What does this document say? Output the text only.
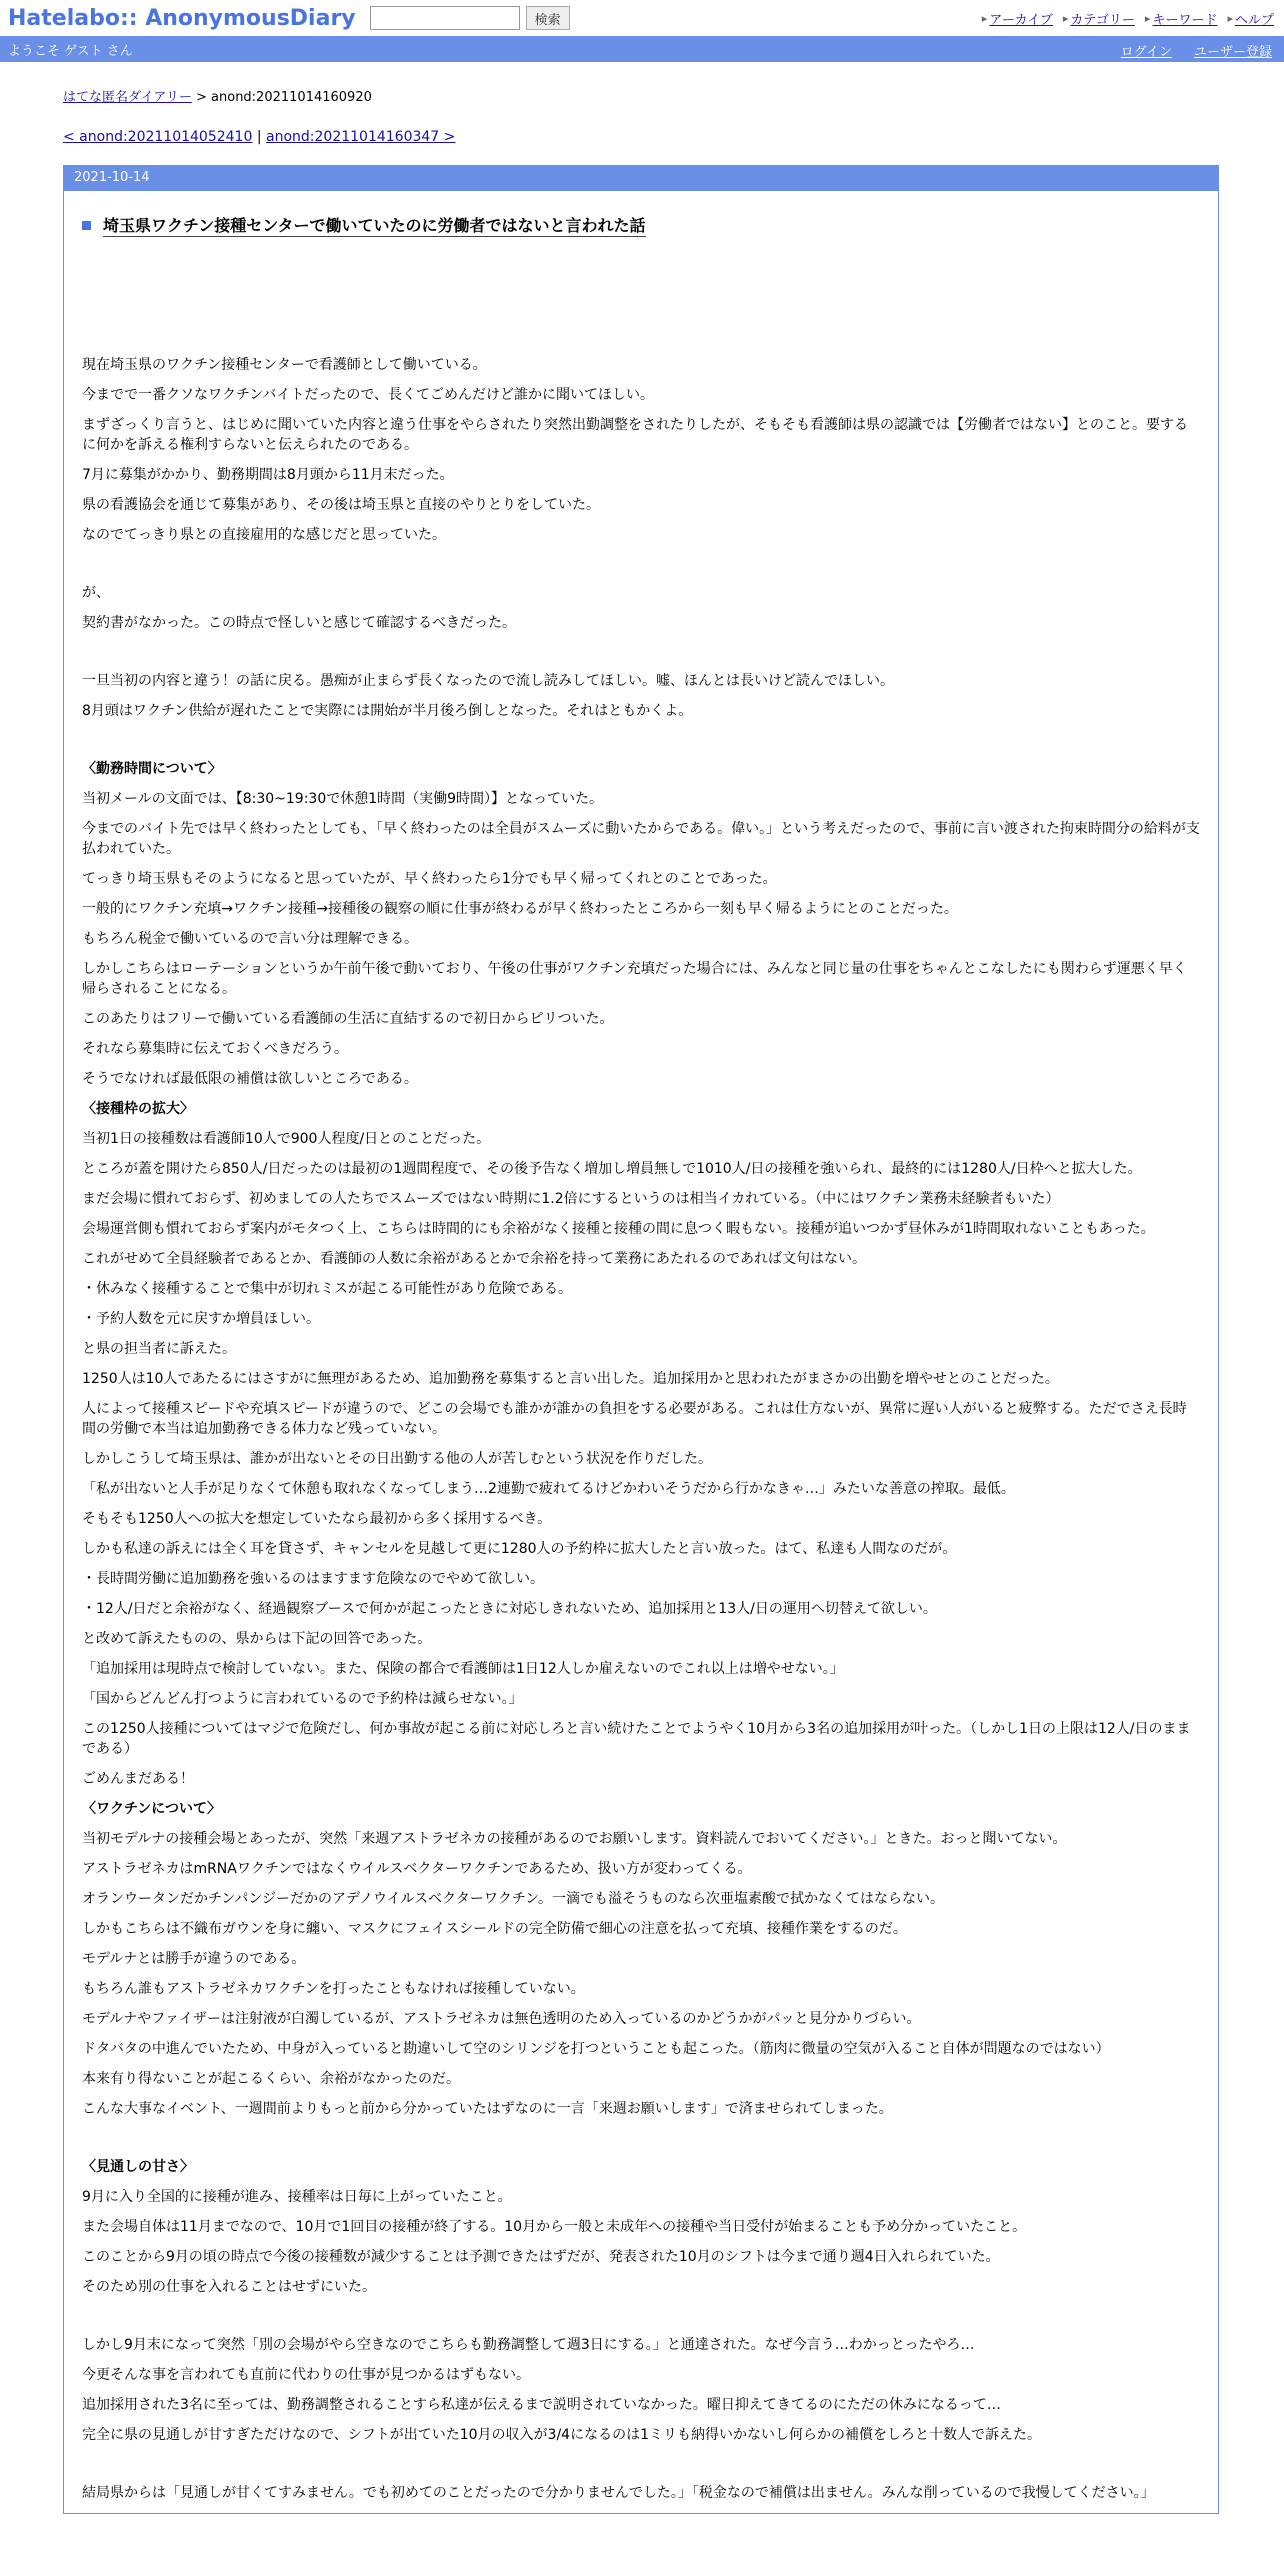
Hatelabo:: AnonymousDiary	検索	▸ アーカイブ ▸ カテゴリー ▸ キーワード ▸ ヘルプ
ようこそ ゲスト さん	ログイン ユーザー登録
はてな匿名ダイアリー > anond:20211014160920
< anond:20211014052410 | anond:20211014160347 >
2021-10-14
埼玉県ワクチン接種センターで働いていたのに労働者ではないと言われた話

現在埼玉県のワクチン接種センターで看護師として働いている。

今までで一番クソなワクチンバイトだったので、長くてごめんだけど誰かに聞いてほしい。

まずざっくり言うと、はじめに聞いていた内容と違う仕事をやらされたり突然出勤調整をされたりしたが、そもそも看護師は県の認識では【労働者ではない】とのこと。要するに何かを訴える権利すらないと伝えられたのである。

7月に募集がかかり、勤務期間は8月頭から11月末だった。

県の看護協会を通じて募集があり、その後は埼玉県と直接のやりとりをしていた。

なのでてっきり県との直接雇用的な感じだと思っていた。

が、

契約書がなかった。この時点で怪しいと感じて確認するべきだった。

一旦当初の内容と違う！の話に戻る。愚痴が止まらず長くなったので流し読みしてほしい。嘘、ほんとは長いけど読んでほしい。

8月頭はワクチン供給が遅れたことで実際には開始が半月後ろ倒しとなった。それはともかくよ。

〈勤務時間について〉

当初メールの文面では、【8:30~19:30で休憩1時間（実働9時間）】となっていた。

今までのバイト先では早く終わったとしても、「早く終わったのは全員がスムーズに動いたからである。偉い。」という考えだったので、事前に言い渡された拘束時間分の給料が支払われていた。

てっきり埼玉県もそのようになると思っていたが、早く終わったら1分でも早く帰ってくれとのことであった。

一般的にワクチン充填→ワクチン接種→接種後の観察の順に仕事が終わるが早く終わったところから一刻も早く帰るようにとのことだった。

もちろん税金で働いているので言い分は理解できる。

しかしこちらはローテーションというか午前午後で動いており、午後の仕事がワクチン充填だった場合には、みんなと同じ量の仕事をちゃんとこなしたにも関わらず運悪く早く帰らされることになる。

このあたりはフリーで働いている看護師の生活に直結するので初日からピリついた。

それなら募集時に伝えておくべきだろう。

そうでなければ最低限の補償は欲しいところである。

〈接種枠の拡大〉

当初1日の接種数は看護師10人で900人程度/日とのことだった。

ところが蓋を開けたら850人/日だったのは最初の1週間程度で、その後予告なく増加し増員無しで1010人/日の接種を強いられ、最終的には1280人/日枠へと拡大した。

まだ会場に慣れておらず、初めましての人たちでスムーズではない時期に1.2倍にするというのは相当イカれている。（中にはワクチン業務未経験者もいた）

会場運営側も慣れておらず案内がモタつく上、こちらは時間的にも余裕がなく接種と接種の間に息つく暇もない。接種が追いつかず昼休みが1時間取れないこともあった。

これがせめて全員経験者であるとか、看護師の人数に余裕があるとかで余裕を持って業務にあたれるのであれば文句はない。

・休みなく接種することで集中が切れミスが起こる可能性があり危険である。

・予約人数を元に戻すか増員ほしい。

と県の担当者に訴えた。

1250人は10人であたるにはさすがに無理があるため、追加勤務を募集すると言い出した。追加採用かと思われたがまさかの出勤を増やせとのことだった。

人によって接種スピードや充填スピードが違うので、どこの会場でも誰かが誰かの負担をする必要がある。これは仕方ないが、異常に遅い人がいると疲弊する。ただでさえ長時間の労働で本当は追加勤務できる体力など残っていない。

しかしこうして埼玉県は、誰かが出ないとその日出勤する他の人が苦しむという状況を作りだした。

「私が出ないと人手が足りなくて休憩も取れなくなってしまう…2連勤で疲れてるけどかわいそうだから行かなきゃ…」みたいな善意の搾取。最低。

そもそも1250人への拡大を想定していたなら最初から多く採用するべき。

しかも私達の訴えには全く耳を貸さず、キャンセルを見越して更に1280人の予約枠に拡大したと言い放った。はて、私達も人間なのだが。

・長時間労働に追加勤務を強いるのはますます危険なのでやめて欲しい。

・12人/日だと余裕がなく、経過観察ブースで何かが起こったときに対応しきれないため、追加採用と13人/日の運用へ切替えて欲しい。

と改めて訴えたものの、県からは下記の回答であった。

「追加採用は現時点で検討していない。また、保険の都合で看護師は1日12人しか雇えないのでこれ以上は増やせない。」

「国からどんどん打つように言われているので予約枠は減らせない。」

この1250人接種についてはマジで危険だし、何か事故が起こる前に対応しろと言い続けたことでようやく10月から3名の追加採用が叶った。（しかし1日の上限は12人/日のままである）

ごめんまだある！

〈ワクチンについて〉

当初モデルナの接種会場とあったが、突然「来週アストラゼネカの接種があるのでお願いします。資料読んでおいてください。」ときた。おっと聞いてない。

アストラゼネカはmRNAワクチンではなくウイルスベクターワクチンであるため、扱い方が変わってくる。

オランウータンだかチンパンジーだかのアデノウイルスベクターワクチン。一滴でも溢そうものなら次亜塩素酸で拭かなくてはならない。

しかもこちらは不織布ガウンを身に纏い、マスクにフェイスシールドの完全防備で細心の注意を払って充填、接種作業をするのだ。

モデルナとは勝手が違うのである。

もちろん誰もアストラゼネカワクチンを打ったこともなければ接種していない。

モデルナやファイザーは注射液が白濁しているが、アストラゼネカは無色透明のため入っているのかどうかがパッと見分かりづらい。

ドタバタの中進んでいたため、中身が入っていると勘違いして空のシリンジを打つということも起こった。（筋肉に微量の空気が入ること自体が問題なのではない）

本来有り得ないことが起こるくらい、余裕がなかったのだ。

こんな大事なイベント、一週間前よりもっと前から分かっていたはずなのに一言「来週お願いします」で済ませられてしまった。

〈見通しの甘さ〉

9月に入り全国的に接種が進み、接種率は日毎に上がっていたこと。

また会場自体は11月までなので、10月で1回目の接種が終了する。10月から一般と未成年への接種や当日受付が始まることも予め分かっていたこと。

このことから9月の頃の時点で今後の接種数が減少することは予測できたはずだが、発表された10月のシフトは今まで通り週4日入れられていた。

そのため別の仕事を入れることはせずにいた。

しかし9月末になって突然「別の会場がやら空きなのでこちらも勤務調整して週3日にする。」と通達された。なぜ今言う…わかっとったやろ…

今更そんな事を言われても直前に代わりの仕事が見つかるはずもない。

追加採用された3名に至っては、勤務調整されることすら私達が伝えるまで説明されていなかった。曜日抑えてきてるのにただの休みになるって…

完全に県の見通しが甘すぎただけなので、シフトが出ていた10月の収入が3/4になるのは1ミリも納得いかないし何らかの補償をしろと十数人で訴えた。

結局県からは「見通しが甘くてすみません。でも初めてのことだったので分かりませんでした。」「税金なので補償は出ません。みんな削っているので我慢してください。」
